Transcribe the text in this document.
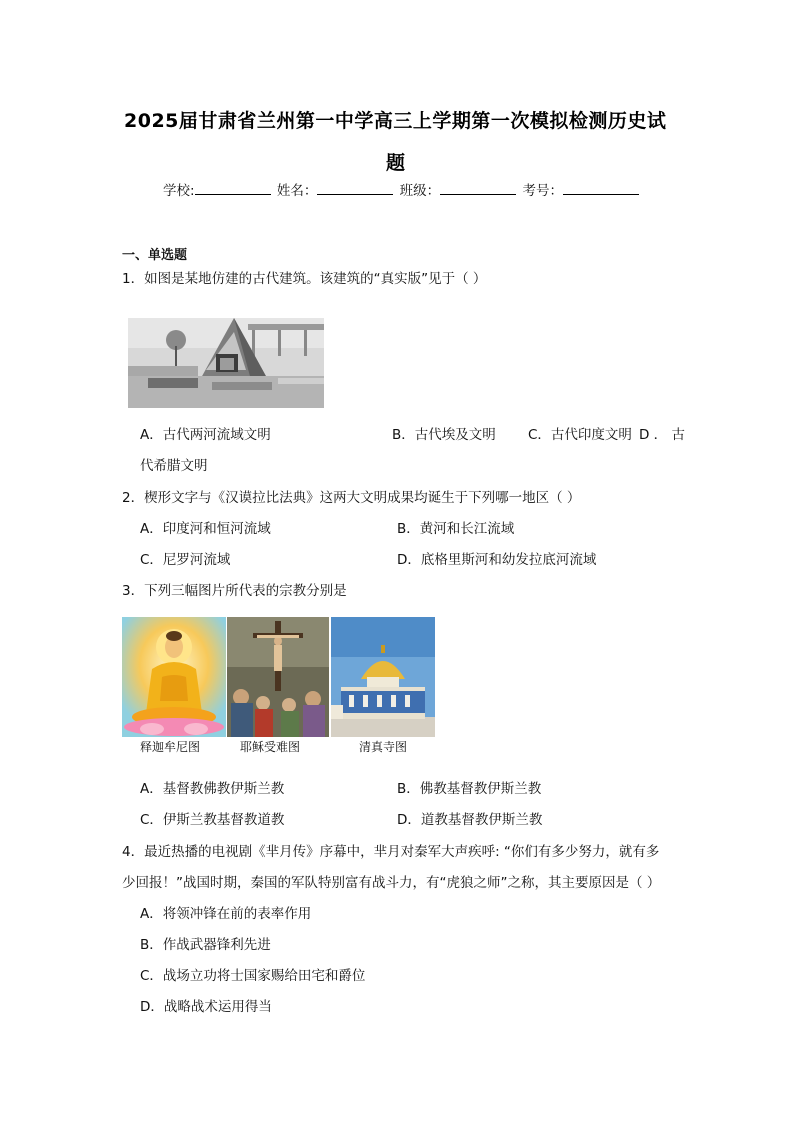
2025届甘肃省兰州第一中学高三上学期第一次模拟检测历史试
题
学校:	姓名：	班级：	考号：
一、单选题
1．如图是某地仿建的古代建筑。该建筑的“真实版”见于（ ）
A．古代两河流域文明	B．古代埃及文明 C．古代印度文明 D ． 古
代希腊文明
2．楔形文字与《汉谟拉比法典》这两大文明成果均诞生于下列哪一地区（ ）
A．印度河和恒河流域	B．黄河和长江流域
C．尼罗河流域	D．底格里斯河和幼发拉底河流域
3．下列三幅图片所代表的宗教分别是
释迦牟尼图	耶稣受难图	清真寺图
A．基督教佛教伊斯兰教	B．佛教基督教伊斯兰教
C．伊斯兰教基督教道教	D．道教基督教伊斯兰教
4．最近热播的电视剧《芈月传》序幕中，芈月对秦军大声疾呼: “你们有多少努力，就有多
少回报！”战国时期，秦国的军队特别富有战斗力，有“虎狼之师”之称，其主要原因是（ ）
A．将领冲锋在前的表率作用
B．作战武器锋利先进
C．战场立功将士国家赐给田宅和爵位
D．战略战术运用得当
